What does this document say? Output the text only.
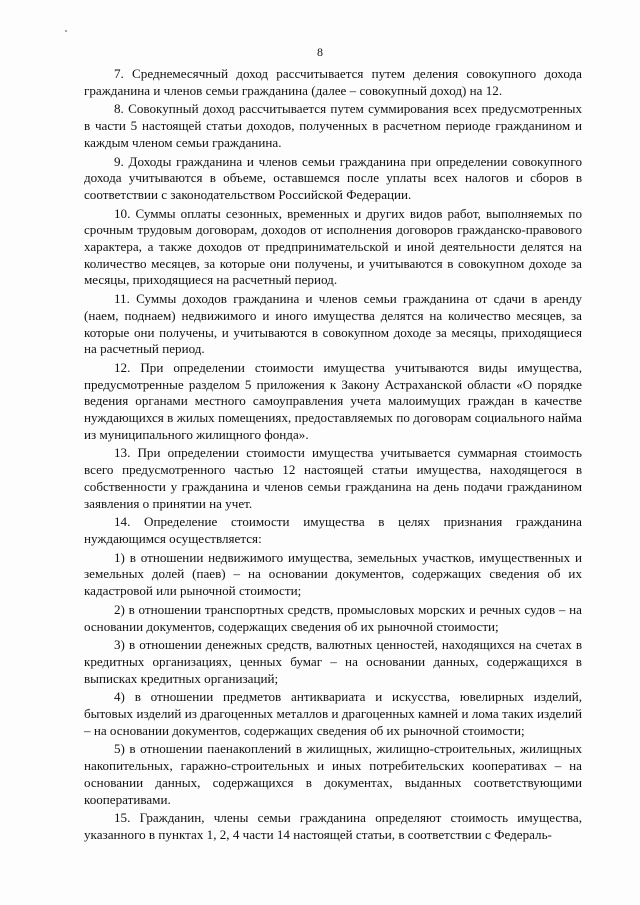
8

7. Среднемесячный доход рассчитывается путем деления совокупного дохода гражданина и членов семьи гражданина (далее – совокупный доход) на 12.

8. Совокупный доход рассчитывается путем суммирования всех предусмотренных в части 5 настоящей статьи доходов, полученных в расчетном периоде гражданином и каждым членом семьи гражданина.

9. Доходы гражданина и членов семьи гражданина при определении совокупного дохода учитываются в объеме, оставшемся после уплаты всех налогов и сборов в соответствии с законодательством Российской Федерации.

10. Суммы оплаты сезонных, временных и других видов работ, выполняемых по срочным трудовым договорам, доходов от исполнения договоров гражданско-правового характера, а также доходов от предпринимательской и иной деятельности делятся на количество месяцев, за которые они получены, и учитываются в совокупном доходе за месяцы, приходящиеся на расчетный период.

11. Суммы доходов гражданина и членов семьи гражданина от сдачи в аренду (наем, поднаем) недвижимого и иного имущества делятся на количество месяцев, за которые они получены, и учитываются в совокупном доходе за месяцы, приходящиеся на расчетный период.

12. При определении стоимости имущества учитываются виды имущества, предусмотренные разделом 5 приложения к Закону Астраханской области «О порядке ведения органами местного самоуправления учета малоимущих граждан в качестве нуждающихся в жилых помещениях, предоставляемых по договорам социального найма из муниципального жилищного фонда».

13. При определении стоимости имущества учитывается суммарная стоимость всего предусмотренного частью 12 настоящей статьи имущества, находящегося в собственности у гражданина и членов семьи гражданина на день подачи гражданином заявления о принятии на учет.

14. Определение стоимости имущества в целях признания гражданина нуждающимся осуществляется:

1) в отношении недвижимого имущества, земельных участков, имущественных и земельных долей (паев) – на основании документов, содержащих сведения об их кадастровой или рыночной стоимости;

2) в отношении транспортных средств, промысловых морских и речных судов – на основании документов, содержащих сведения об их рыночной стоимости;

3) в отношении денежных средств, валютных ценностей, находящихся на счетах в кредитных организациях, ценных бумаг – на основании данных, содержащихся в выписках кредитных организаций;

4) в отношении предметов антиквариата и искусства, ювелирных изделий, бытовых изделий из драгоценных металлов и драгоценных камней и лома таких изделий – на основании документов, содержащих сведения об их рыночной стоимости;

5) в отношении паенакоплений в жилищных, жилищно-строительных, жилищных накопительных, гаражно-строительных и иных потребительских кооперативах – на основании данных, содержащихся в документах, выданных соответствующими кооперативами.

15. Гражданин, члены семьи гражданина определяют стоимость имущества, указанного в пунктах 1, 2, 4 части 14 настоящей статьи, в соответствии с Федераль-
